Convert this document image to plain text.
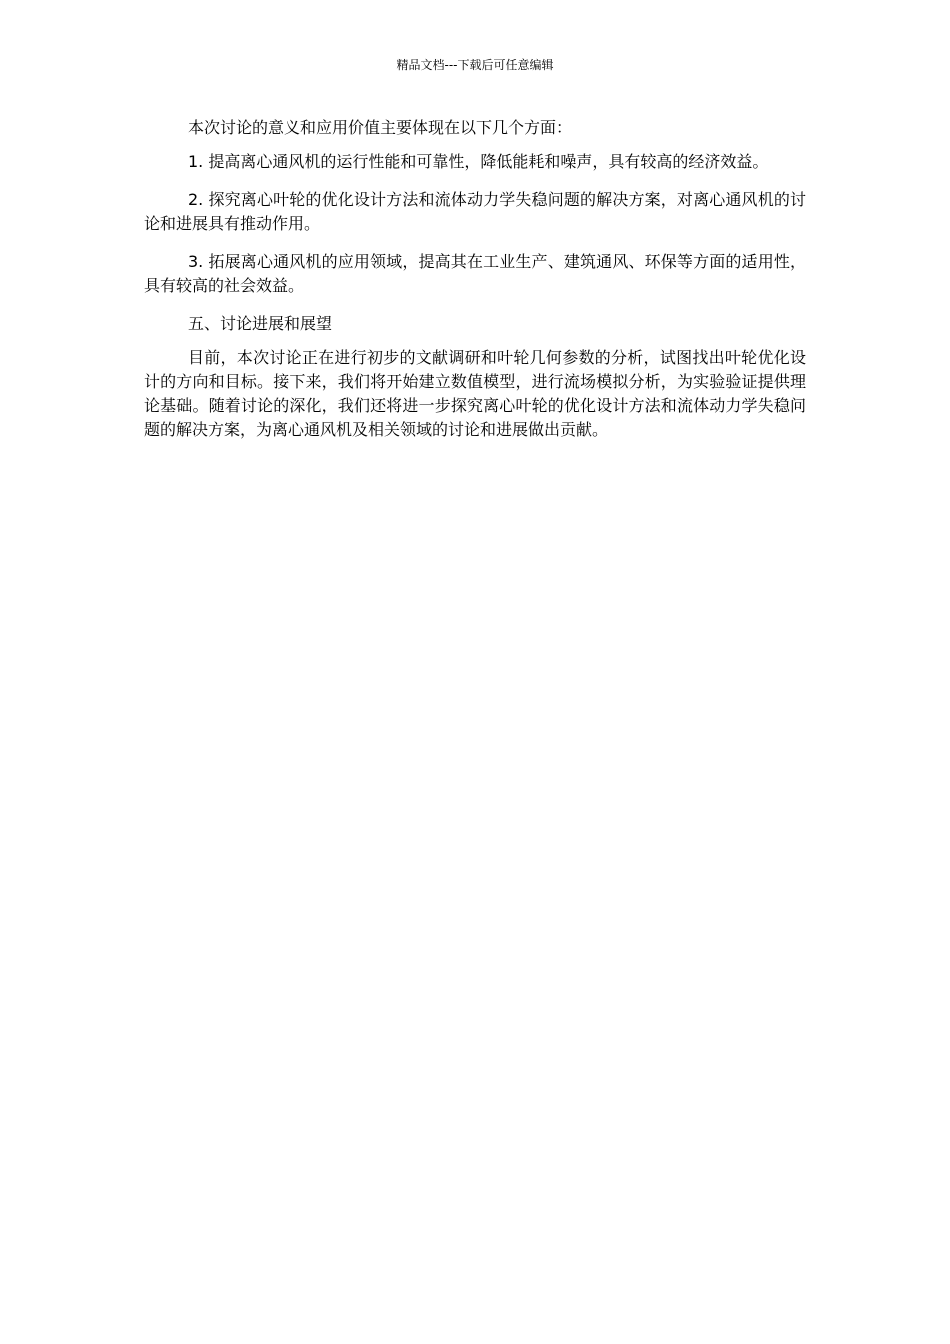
精品文档---下载后可任意编辑

本次讨论的意义和应用价值主要体现在以下几个方面：

1. 提高离心通风机的运行性能和可靠性，降低能耗和噪声，具有较高的经济效益。

2. 探究离心叶轮的优化设计方法和流体动力学失稳问题的解决方案，对离心通风机的讨论和进展具有推动作用。

3. 拓展离心通风机的应用领域，提高其在工业生产、建筑通风、环保等方面的适用性，具有较高的社会效益。

五、讨论进展和展望

目前，本次讨论正在进行初步的文献调研和叶轮几何参数的分析，试图找出叶轮优化设计的方向和目标。接下来，我们将开始建立数值模型，进行流场模拟分析，为实验验证提供理论基础。随着讨论的深化，我们还将进一步探究离心叶轮的优化设计方法和流体动力学失稳问题的解决方案，为离心通风机及相关领域的讨论和进展做出贡献。
